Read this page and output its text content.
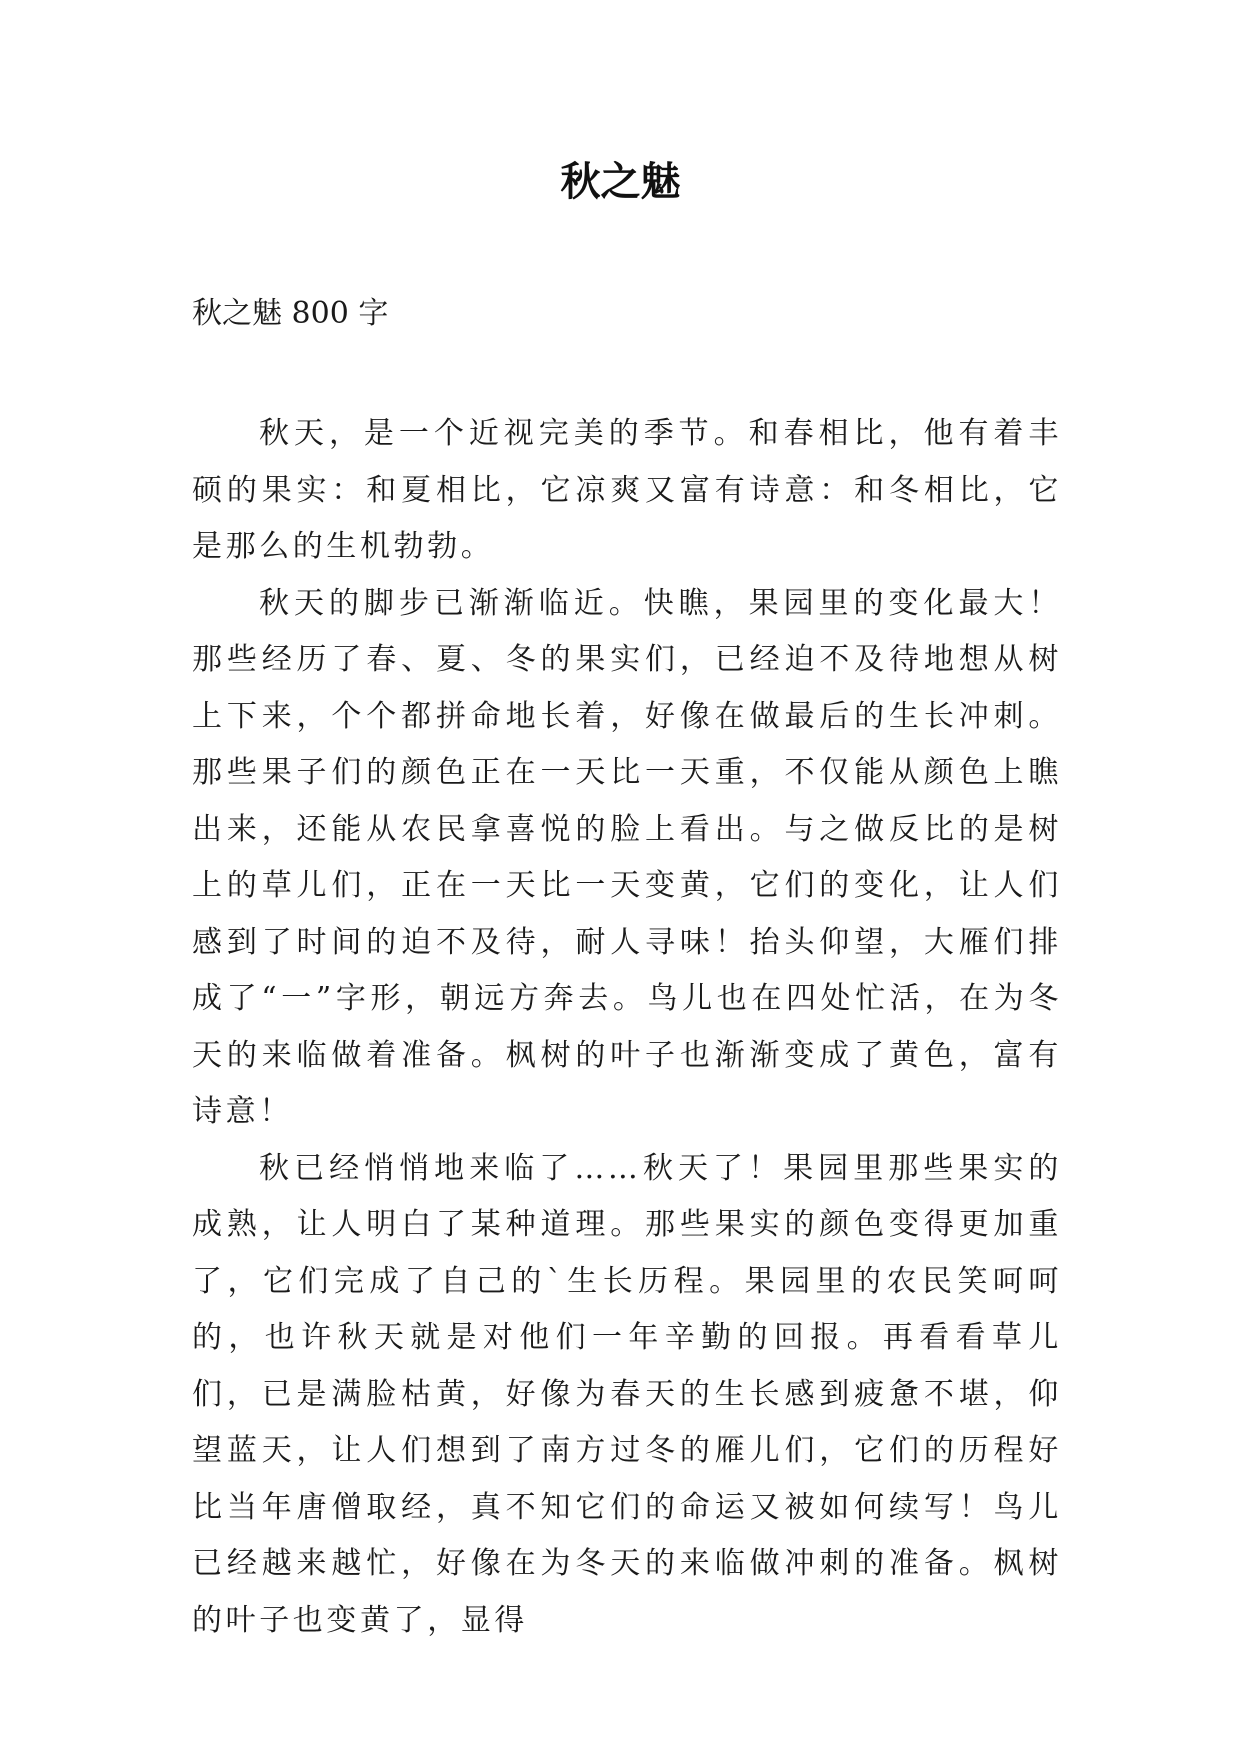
秋之魅

秋之魅 800 字

秋天，是一个近视完美的季节。和春相比，他有着丰硕的果实：和夏相比，它凉爽又富有诗意：和冬相比，它是那么的生机勃勃。

秋天的脚步已渐渐临近。快瞧，果园里的变化最大！那些经历了春、夏、冬的果实们，已经迫不及待地想从树上下来，个个都拼命地长着，好像在做最后的生长冲刺。那些果子们的颜色正在一天比一天重，不仅能从颜色上瞧出来，还能从农民拿喜悦的脸上看出。与之做反比的是树上的草儿们，正在一天比一天变黄，它们的变化，让人们感到了时间的迫不及待，耐人寻味！抬头仰望，大雁们排成了“一”字形，朝远方奔去。鸟儿也在四处忙活，在为冬天的来临做着准备。枫树的叶子也渐渐变成了黄色，富有诗意！

秋已经悄悄地来临了……秋天了！果园里那些果实的成熟，让人明白了某种道理。那些果实的颜色变得更加重了，它们完成了自己的`生长历程。果园里的农民笑呵呵的，也许秋天就是对他们一年辛勤的回报。再看看草儿们，已是满脸枯黄，好像为春天的生长感到疲惫不堪，仰望蓝天，让人们想到了南方过冬的雁儿们，它们的历程好比当年唐僧取经，真不知它们的命运又被如何续写！鸟儿已经越来越忙，好像在为冬天的来临做冲刺的准备。枫树的叶子也变黄了，显得
